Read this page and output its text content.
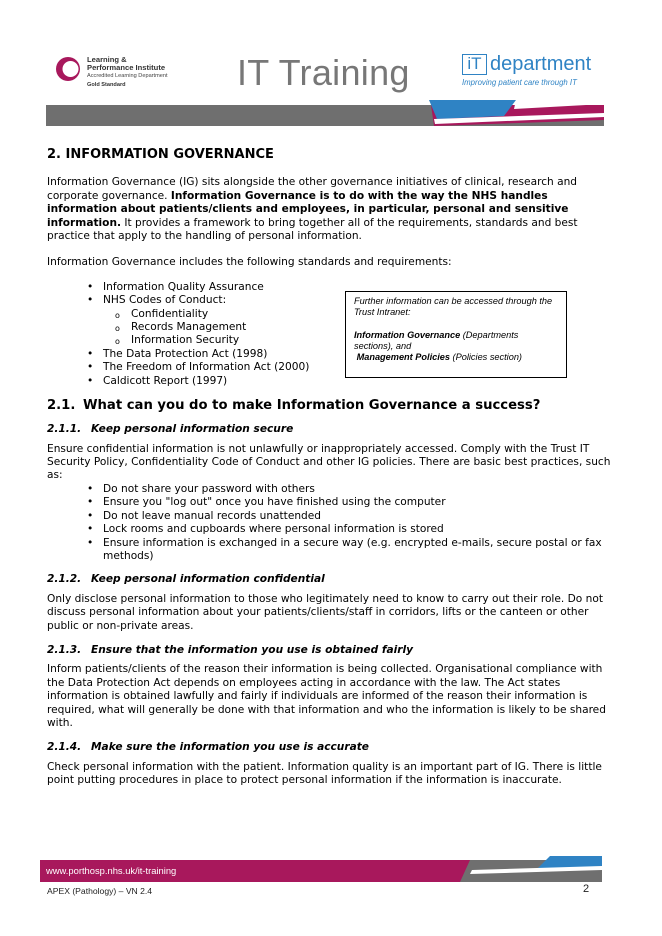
Learning &
Performance Institute
Accredited Learning Department
Gold Standard	IT Training	iT department
Improving patient care through IT
2. INFORMATION GOVERNANCE

Information Governance (IG) sits alongside the other governance initiatives of clinical, research and corporate governance. Information Governance is to do with the way the NHS handles information about patients/clients and employees, in particular, personal and sensitive information. It provides a framework to bring together all of the requirements, standards and best practice that apply to the handling of personal information.

Information Governance includes the following standards and requirements:

• Information Quality Assurance
• NHS Codes of Conduct:
o Confidentiality
o Records Management
o Information Security
• The Data Protection Act (1998)
• The Freedom of Information Act (2000)
• Caldicott Report (1997)
Further information can be accessed through the Trust Intranet:
Information Governance (Departments sections), and
Management Policies (Policies section)
2.1. What can you do to make Information Governance a success?
2.1.1. Keep personal information secure

Ensure confidential information is not unlawfully or inappropriately accessed. Comply with the Trust IT Security Policy, Confidentiality Code of Conduct and other IG policies. There are basic best practices, such as:

• Do not share your password with others
• Ensure you "log out" once you have finished using the computer
• Do not leave manual records unattended
• Lock rooms and cupboards where personal information is stored
• Ensure information is exchanged in a secure way (e.g. encrypted e-mails, secure postal or fax methods)
2.1.2. Keep personal information confidential

Only disclose personal information to those who legitimately need to know to carry out their role. Do not discuss personal information about your patients/clients/staff in corridors, lifts or the canteen or other public or non-private areas.

2.1.3. Ensure that the information you use is obtained fairly

Inform patients/clients of the reason their information is being collected. Organisational compliance with the Data Protection Act depends on employees acting in accordance with the law. The Act states information is obtained lawfully and fairly if individuals are informed of the reason their information is required, what will generally be done with that information and who the information is likely to be shared with.

2.1.4. Make sure the information you use is accurate

Check personal information with the patient. Information quality is an important part of IG. There is little point putting procedures in place to protect personal information if the information is inaccurate.

www.porthosp.nhs.uk/it-training
APEX (Pathology) – VN 2.4	2
